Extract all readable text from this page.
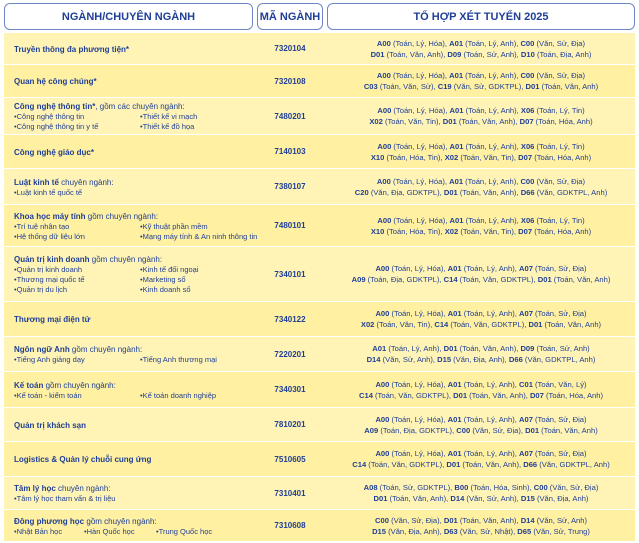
NGÀNH/CHUYÊN NGÀNH	MÃ NGÀNH	TỔ HỢP XÉT TUYỂN 2025
Truyền thông đa phương tiện*	7320104
A00 (Toán, Lý, Hóa), A01 (Toán, Lý, Anh), C00 (Văn, Sử, Địa)
D01 (Toán, Văn, Anh), D09 (Toán, Sử, Anh), D10 (Toán, Địa, Anh)
Quan hệ công chúng*	7320108
A00 (Toán, Lý, Hóa), A01 (Toán, Lý, Anh), C00 (Văn, Sử, Địa)
C03 (Toán, Văn, Sử), C19 (Văn, Sử, GDKTPL), D01 (Toán, Văn, Anh)
Công nghệ thông tin*, gồm các chuyên ngành:
• Công nghệ thông tin	• Thiết kế vi mạch
• Công nghệ thông tin y tế	• Thiết kế đồ họa
7480201
A00 (Toán, Lý, Hóa), A01 (Toán, Lý, Anh), X06 (Toán, Lý, Tin)
X02 (Toán, Văn, Tin), D01 (Toán, Văn, Anh), D07 (Toán, Hóa, Anh)
Công nghệ giáo dục*	7140103
A00 (Toán, Lý, Hóa), A01 (Toán, Lý, Anh), X06 (Toán, Lý, Tin)
X10 (Toán, Hóa, Tin), X02 (Toán, Văn, Tin), D07 (Toán, Hóa, Anh)
Luật kinh tế chuyên ngành:
• Luật kinh tế quốc tế
7380107
A00 (Toán, Lý, Hóa), A01 (Toán, Lý, Anh), C00 (Văn, Sử, Địa)
C20 (Văn, Địa, GDKTPL), D01 (Toán, Văn, Anh), D66 (Văn, GDKTPL, Anh)
Khoa học máy tính gồm chuyên ngành:
• Trí tuệ nhân tạo	• Kỹ thuật phần mềm
• Hệ thống dữ liệu lớn	• Mạng máy tính & An ninh thông tin
7480101
A00 (Toán, Lý, Hóa), A01 (Toán, Lý, Anh), X06 (Toán, Lý, Tin)
X10 (Toán, Hóa, Tin), X02 (Toán, Văn, Tin), D07 (Toán, Hóa, Anh)
Quản trị kinh doanh gồm chuyên ngành:
• Quản trị kinh doanh	• Kinh tế đối ngoại
• Thương mại quốc tế	• Marketing số
• Quản trị du lịch	• Kinh doanh số
7340101
A00 (Toán, Lý, Hóa), A01 (Toán, Lý, Anh), A07 (Toán, Sử, Địa)
A09 (Toán, Địa, GDKTPL), C14 (Toán, Văn, GDKTPL), D01 (Toán, Văn, Anh)
Thương mại điện tử	7340122
A00 (Toán, Lý, Hóa), A01 (Toán, Lý, Anh), A07 (Toán, Sử, Địa)
X02 (Toán, Văn, Tin), C14 (Toán, Văn, GDKTPL), D01 (Toán, Văn, Anh)
Ngôn ngữ Anh gồm chuyên ngành:
• Tiếng Anh giảng dạy	• Tiếng Anh thương mại
7220201
A01 (Toán, Lý, Anh), D01 (Toán, Văn, Anh), D09 (Toán, Sử, Anh)
D14 (Văn, Sử, Anh), D15 (Văn, Địa, Anh), D66 (Văn, GDKTPL, Anh)
Kế toán gồm chuyên ngành:
• Kế toán - kiểm toán	• Kế toán doanh nghiệp
7340301
A00 (Toán, Lý, Hóa), A01 (Toán, Lý, Anh), C01 (Toán, Văn, Lý)
C14 (Toán, Văn, GDKTPL), D01 (Toán, Văn, Anh), D07 (Toán, Hóa, Anh)
Quản trị khách sạn	7810201
A00 (Toán, Lý, Hóa), A01 (Toán, Lý, Anh), A07 (Toán, Sử, Địa)
A09 (Toán, Địa, GDKTPL), C00 (Văn, Sử, Địa), D01 (Toán, Văn, Anh)
Logistics & Quản lý chuỗi cung ứng	7510605
A00 (Toán, Lý, Hóa), A01 (Toán, Lý, Anh), A07 (Toán, Sử, Địa)
C14 (Toán, Văn, GDKTPL), D01 (Toán, Văn, Anh), D66 (Văn, GDKTPL, Anh)
Tâm lý học chuyên ngành:
• Tâm lý học tham vấn & trị liệu
7310401
A08 (Toán, Sử, GDKTPL), B00 (Toán, Hóa, Sinh), C00 (Văn, Sử, Địa)
D01 (Toán, Văn, Anh), D14 (Văn, Sử, Anh), D15 (Văn, Địa, Anh)
Đông phương học gồm chuyên ngành:
• Nhật Bản học	• Hàn Quốc học	• Trung Quốc học
7310608
C00 (Văn, Sử, Địa), D01 (Toán, Văn, Anh), D14 (Văn, Sử, Anh)
D15 (Văn, Địa, Anh), D63 (Văn, Sử, Nhật), D65 (Văn, Sử, Trung)
